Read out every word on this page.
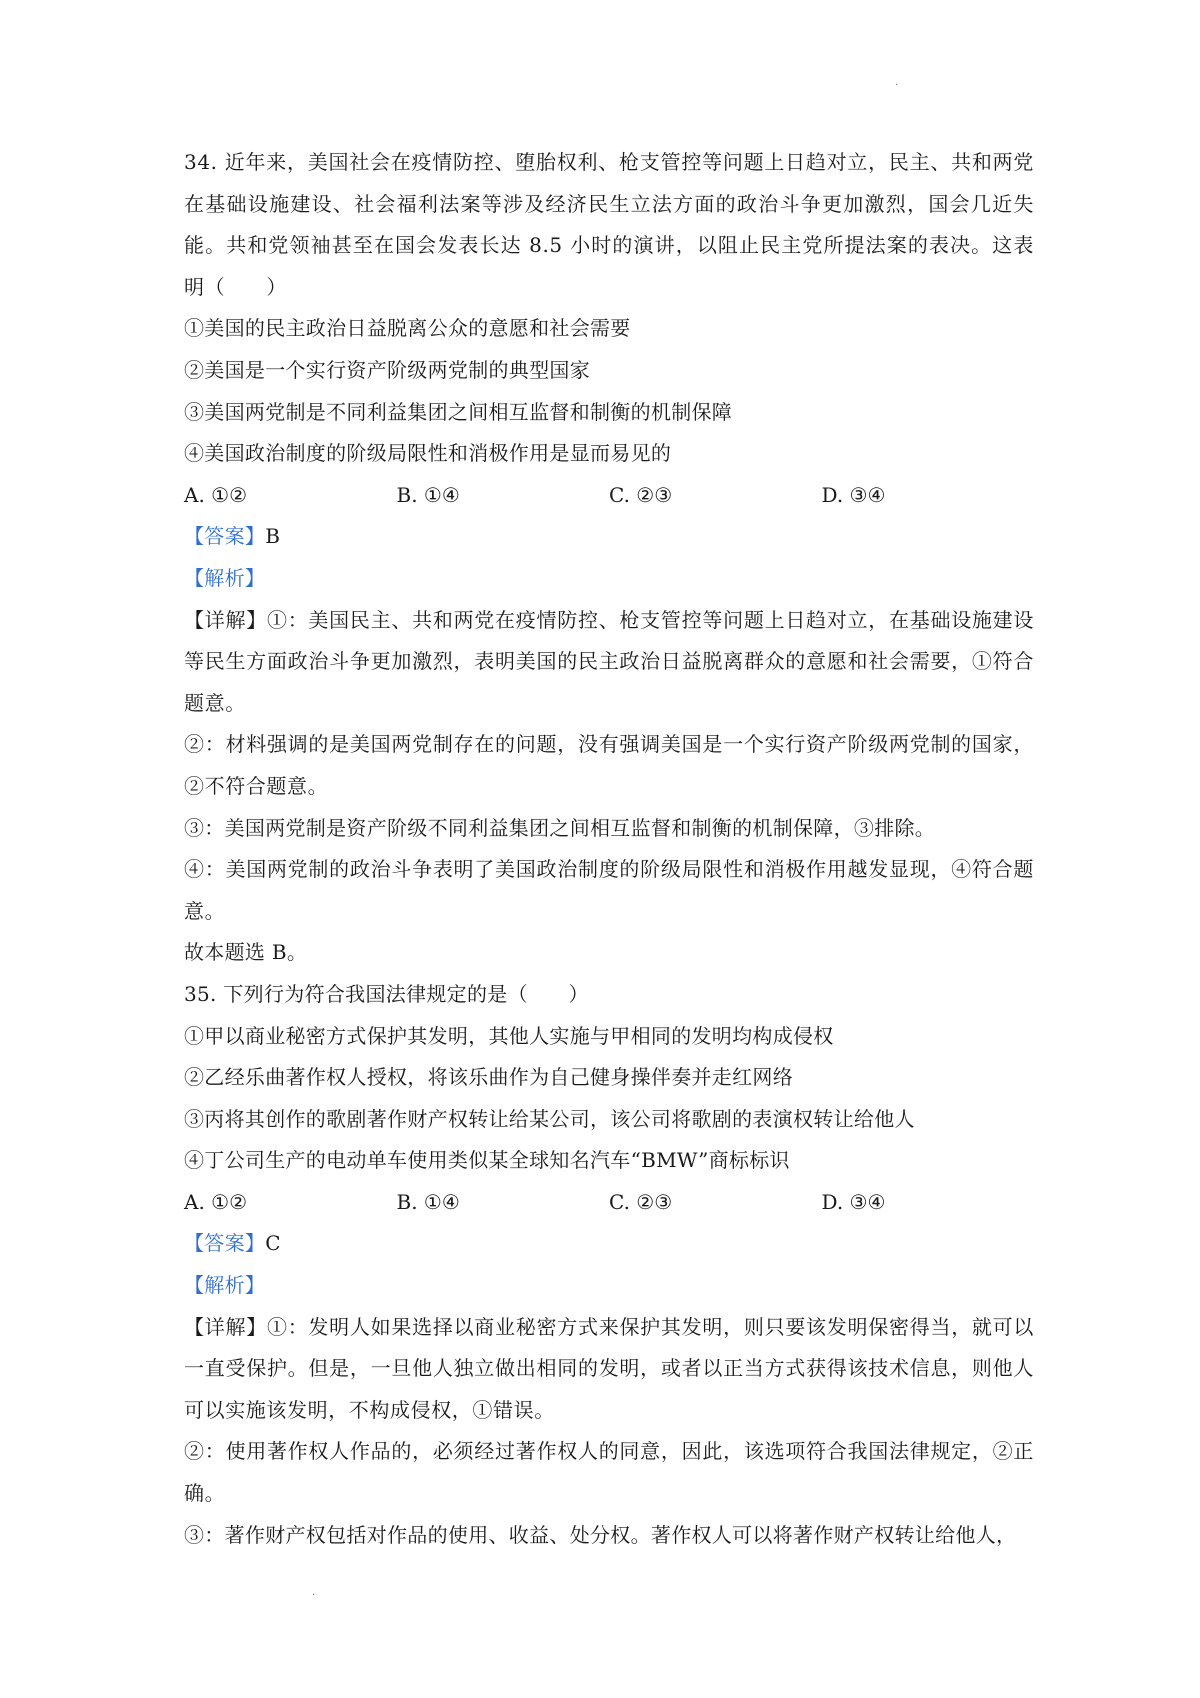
·
34. 近年来，美国社会在疫情防控、堕胎权利、枪支管控等问题上日趋对立，民主、共和两党在基础设施建设、社会福利法案等涉及经济民生立法方面的政治斗争更加激烈，国会几近失能。共和党领袖甚至在国会发表长达 8.5 小时的演讲，以阻止民主党所提法案的表决。这表明（　　）
①美国的民主政治日益脱离公众的意愿和社会需要
②美国是一个实行资产阶级两党制的典型国家
③美国两党制是不同利益集团之间相互监督和制衡的机制保障
④美国政治制度的阶级局限性和消极作用是显而易见的
A. ①②	B. ①④	C. ②③	D. ③④
【答案】B
【解析】
【详解】①：美国民主、共和两党在疫情防控、枪支管控等问题上日趋对立，在基础设施建设等民生方面政治斗争更加激烈，表明美国的民主政治日益脱离群众的意愿和社会需要，①符合题意。
②：材料强调的是美国两党制存在的问题，没有强调美国是一个实行资产阶级两党制的国家，②不符合题意。
③：美国两党制是资产阶级不同利益集团之间相互监督和制衡的机制保障，③排除。
④：美国两党制的政治斗争表明了美国政治制度的阶级局限性和消极作用越发显现，④符合题意。
故本题选 B。
35. 下列行为符合我国法律规定的是（　　）
①甲以商业秘密方式保护其发明，其他人实施与甲相同的发明均构成侵权
②乙经乐曲著作权人授权，将该乐曲作为自己健身操伴奏并走红网络
③丙将其创作的歌剧著作财产权转让给某公司，该公司将歌剧的表演权转让给他人
④丁公司生产的电动单车使用类似某全球知名汽车“BMW”商标标识
A. ①②	B. ①④	C. ②③	D. ③④
【答案】C
【解析】
【详解】①：发明人如果选择以商业秘密方式来保护其发明，则只要该发明保密得当，就可以一直受保护。但是，一旦他人独立做出相同的发明，或者以正当方式获得该技术信息，则他人可以实施该发明，不构成侵权，①错误。
②：使用著作权人作品的，必须经过著作权人的同意，因此，该选项符合我国法律规定，②正确。
③：著作财产权包括对作品的使用、收益、处分权。著作权人可以将著作财产权转让给他人，
·
